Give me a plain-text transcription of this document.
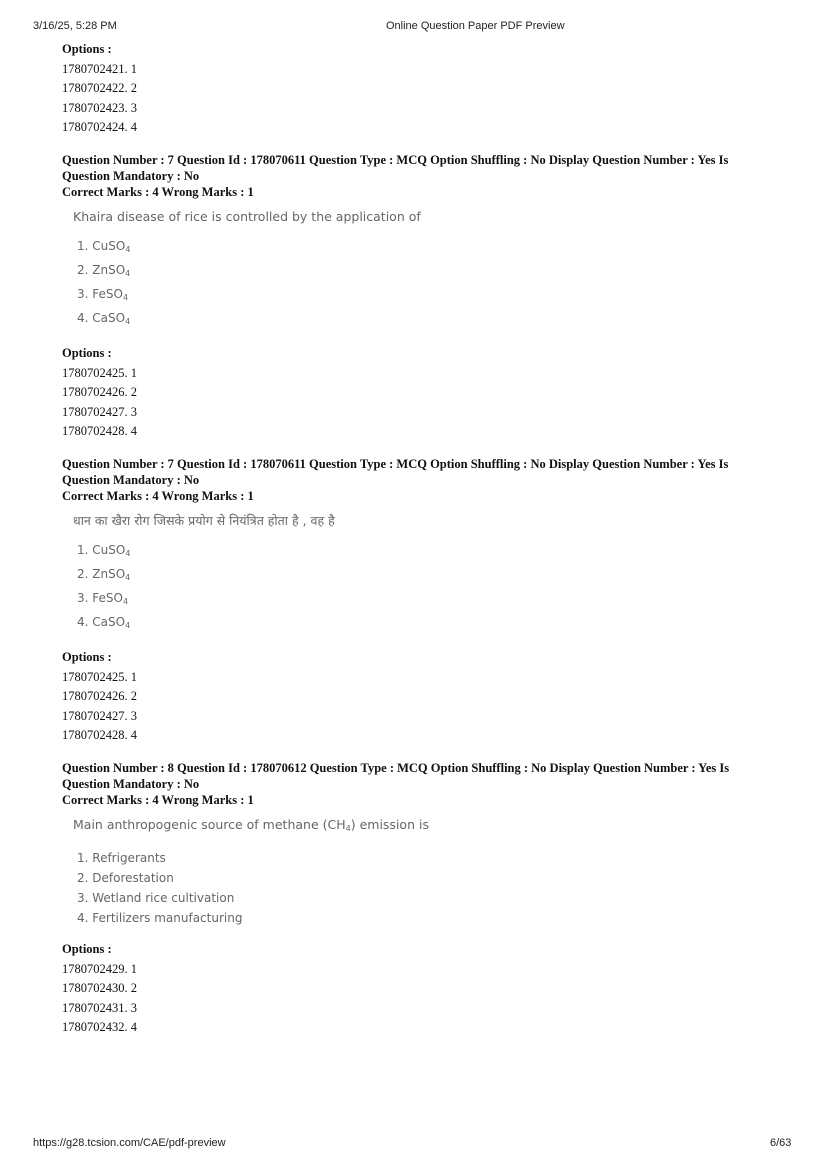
3/16/25, 5:28 PM	Online Question Paper PDF Preview
Options :
1780702421. 1
1780702422. 2
1780702423. 3
1780702424. 4
Question Number : 7 Question Id : 178070611 Question Type : MCQ Option Shuffling : No Display Question Number : Yes Is
Question Mandatory : No
Correct Marks : 4 Wrong Marks : 1
Khaira disease of rice is controlled by the application of
1. CuSO$_4$
2. ZnSO$_4$
3. FeSO$_4$
4. CaSO$_4$
Options :
1780702425. 1
1780702426. 2
1780702427. 3
1780702428. 4
Question Number : 7 Question Id : 178070611 Question Type : MCQ Option Shuffling : No Display Question Number : Yes Is
Question Mandatory : No
Correct Marks : 4 Wrong Marks : 1
धान का खैरा रोग जिसके प्रयोग से नियंत्रित होता है , वह है
1. CuSO$_4$
2. ZnSO$_4$
3. FeSO$_4$
4. CaSO$_4$
Options :
1780702425. 1
1780702426. 2
1780702427. 3
1780702428. 4
Question Number : 8 Question Id : 178070612 Question Type : MCQ Option Shuffling : No Display Question Number : Yes Is
Question Mandatory : No
Correct Marks : 4 Wrong Marks : 1
Main anthropogenic source of methane $(CH_4)$ emission is
1. Refrigerants
2. Deforestation
3. Wetland rice cultivation
4. Fertilizers manufacturing
Options :
1780702429. 1
1780702430. 2
1780702431. 3
1780702432. 4
https://g28.tcsion.com/CAE/pdf-preview	6/63
